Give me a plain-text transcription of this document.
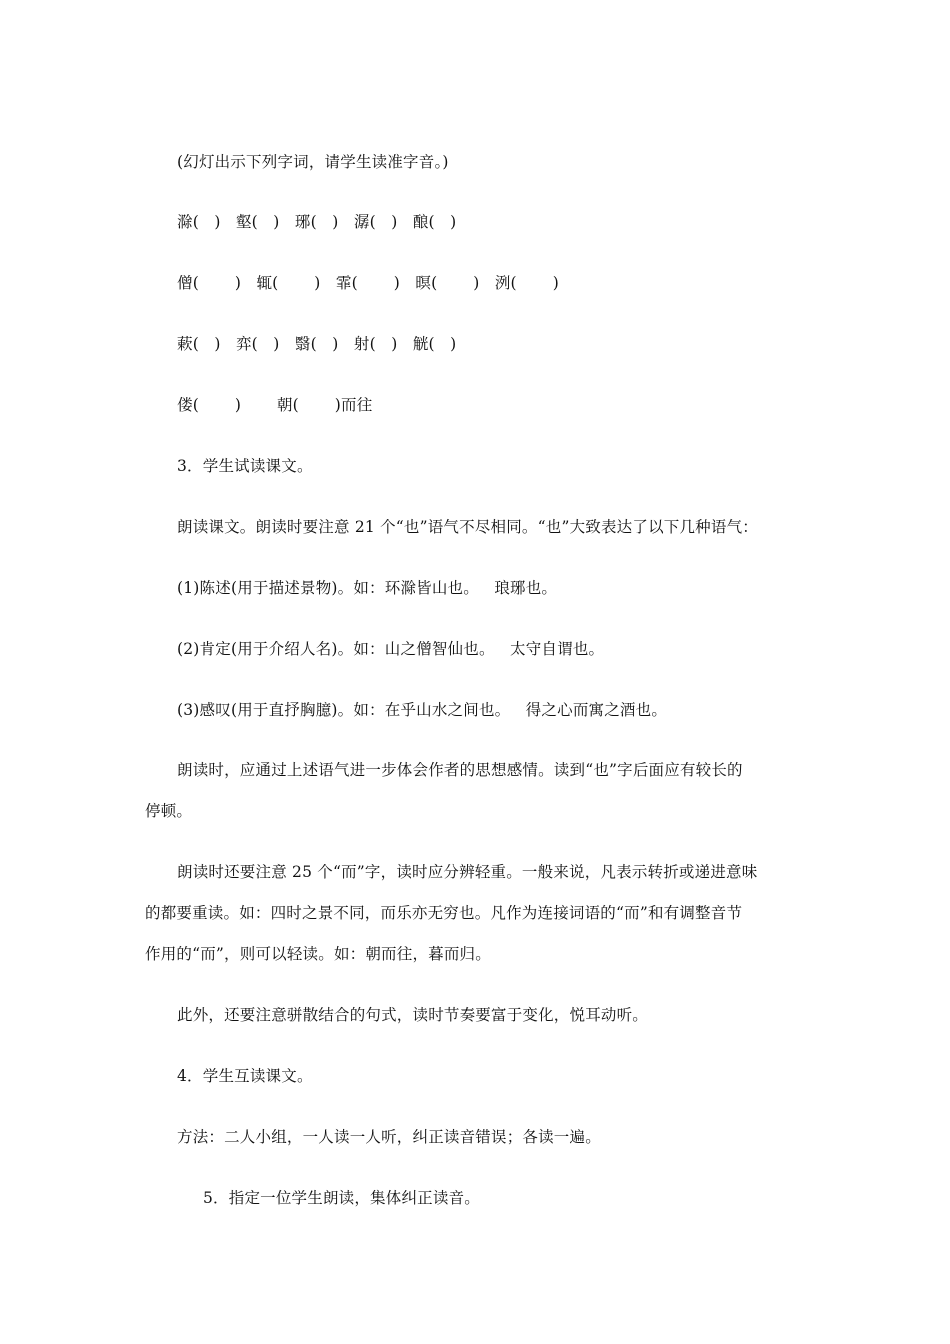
(幻灯出示下列字词，请学生读准字音。)
滁(   )   壑(   )   琊(   )   潺(   )   酿(   )
僧(       )   辄(       )   霏(       )   暝(       )   洌(       )
蔌(   )   弈(   )   翳(   )   射(   )   觥(   )
偻(       )       朝(       )而往
3．学生试读课文。
朗读课文。朗读时要注意 21 个“也”语气不尽相同。“也”大致表达了以下几种语气：
(1)陈述(用于描述景物)。如：环滁皆山也。   琅琊也。
(2)肯定(用于介绍人名)。如：山之僧智仙也。   太守自谓也。
(3)感叹(用于直抒胸臆)。如：在乎山水之间也。   得之心而寓之酒也。
朗读时，应通过上述语气进一步体会作者的思想感情。读到“也”字后面应有较长的
停顿。
朗读时还要注意 25 个“而”字，读时应分辨轻重。一般来说，凡表示转折或递进意味
的都要重读。如：四时之景不同，而乐亦无穷也。凡作为连接词语的“而”和有调整音节
作用的“而”，则可以轻读。如：朝而往，暮而归。
此外，还要注意骈散结合的句式，读时节奏要富于变化，悦耳动听。
4．学生互读课文。
方法：二人小组，一人读一人听，纠正读音错误；各读一遍。
5．指定一位学生朗读，集体纠正读音。
